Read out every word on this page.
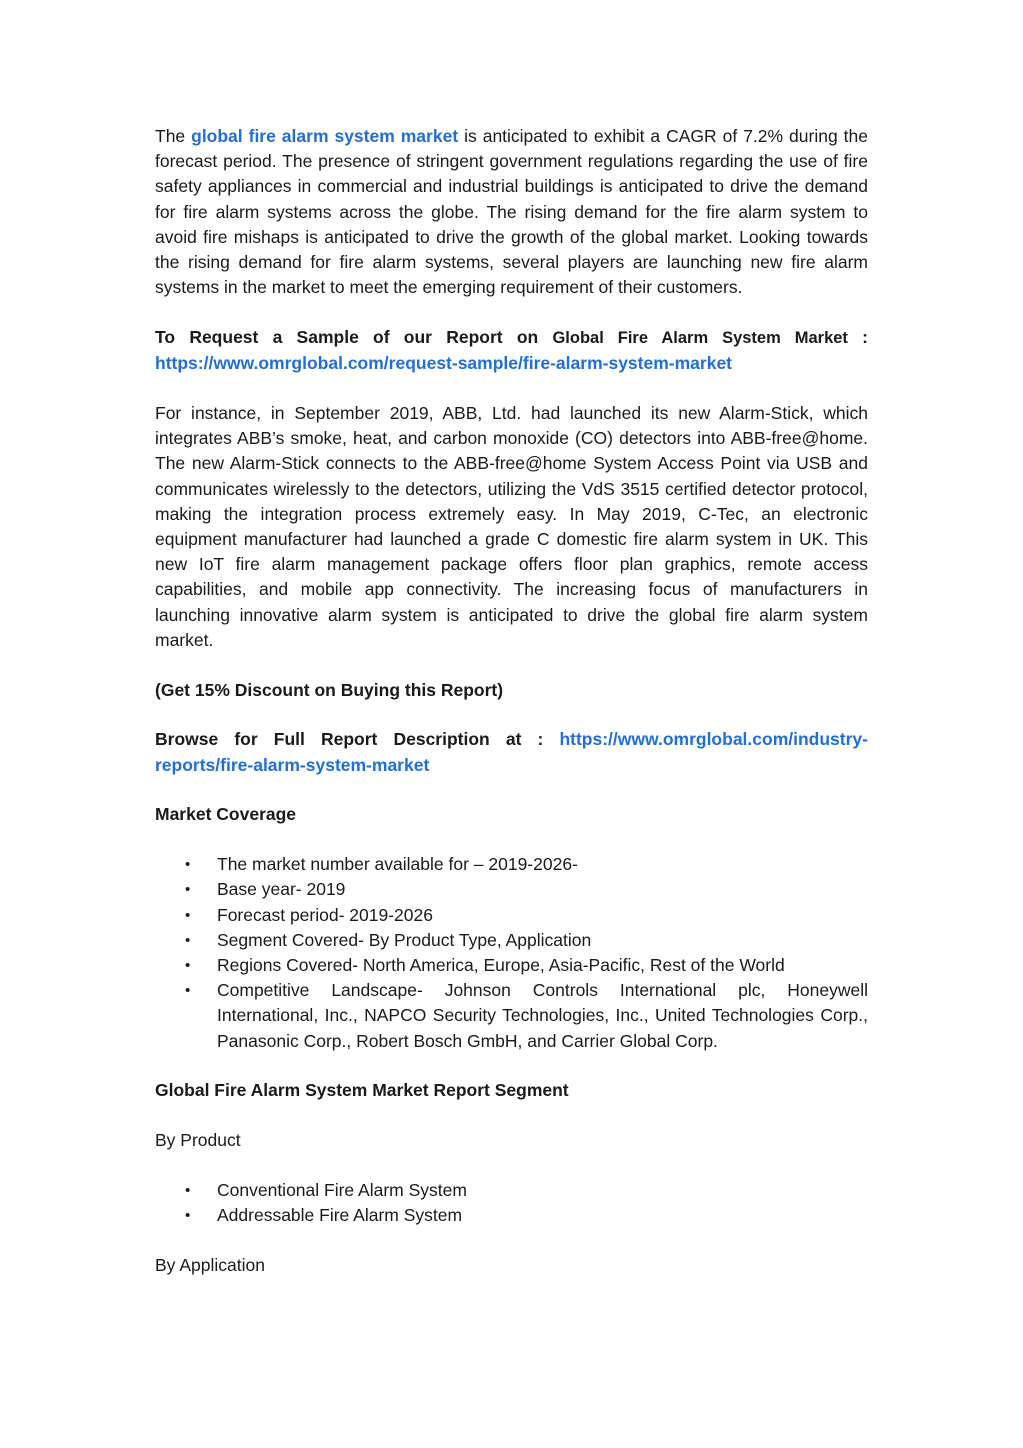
The global fire alarm system market is anticipated to exhibit a CAGR of 7.2% during the forecast period. The presence of stringent government regulations regarding the use of fire safety appliances in commercial and industrial buildings is anticipated to drive the demand for fire alarm systems across the globe. The rising demand for the fire alarm system to avoid fire mishaps is anticipated to drive the growth of the global market. Looking towards the rising demand for fire alarm systems, several players are launching new fire alarm systems in the market to meet the emerging requirement of their customers.

To Request a Sample of our Report on Global Fire Alarm System Market : https://www.omrglobal.com/request-sample/fire-alarm-system-market

For instance, in September 2019, ABB, Ltd. had launched its new Alarm-Stick, which integrates ABB’s smoke, heat, and carbon monoxide (CO) detectors into ABB-free@home. The new Alarm-Stick connects to the ABB-free@home System Access Point via USB and communicates wirelessly to the detectors, utilizing the VdS 3515 certified detector protocol, making the integration process extremely easy. In May 2019, C-Tec, an electronic equipment manufacturer had launched a grade C domestic fire alarm system in UK. This new IoT fire alarm management package offers floor plan graphics, remote access capabilities, and mobile app connectivity. The increasing focus of manufacturers in launching innovative alarm system is anticipated to drive the global fire alarm system market.

(Get 15% Discount on Buying this Report)

Browse for Full Report Description at : https://www.omrglobal.com/industry-reports/fire-alarm-system-market

Market Coverage

• The market number available for – 2019-2026-
• Base year- 2019
• Forecast period- 2019-2026
• Segment Covered- By Product Type, Application
• Regions Covered- North America, Europe, Asia-Pacific, Rest of the World
• Competitive Landscape- Johnson Controls International plc, Honeywell International, Inc., NAPCO Security Technologies, Inc., United Technologies Corp., Panasonic Corp., Robert Bosch GmbH, and Carrier Global Corp.

Global Fire Alarm System Market Report Segment

By Product

• Conventional Fire Alarm System
• Addressable Fire Alarm System

By Application
